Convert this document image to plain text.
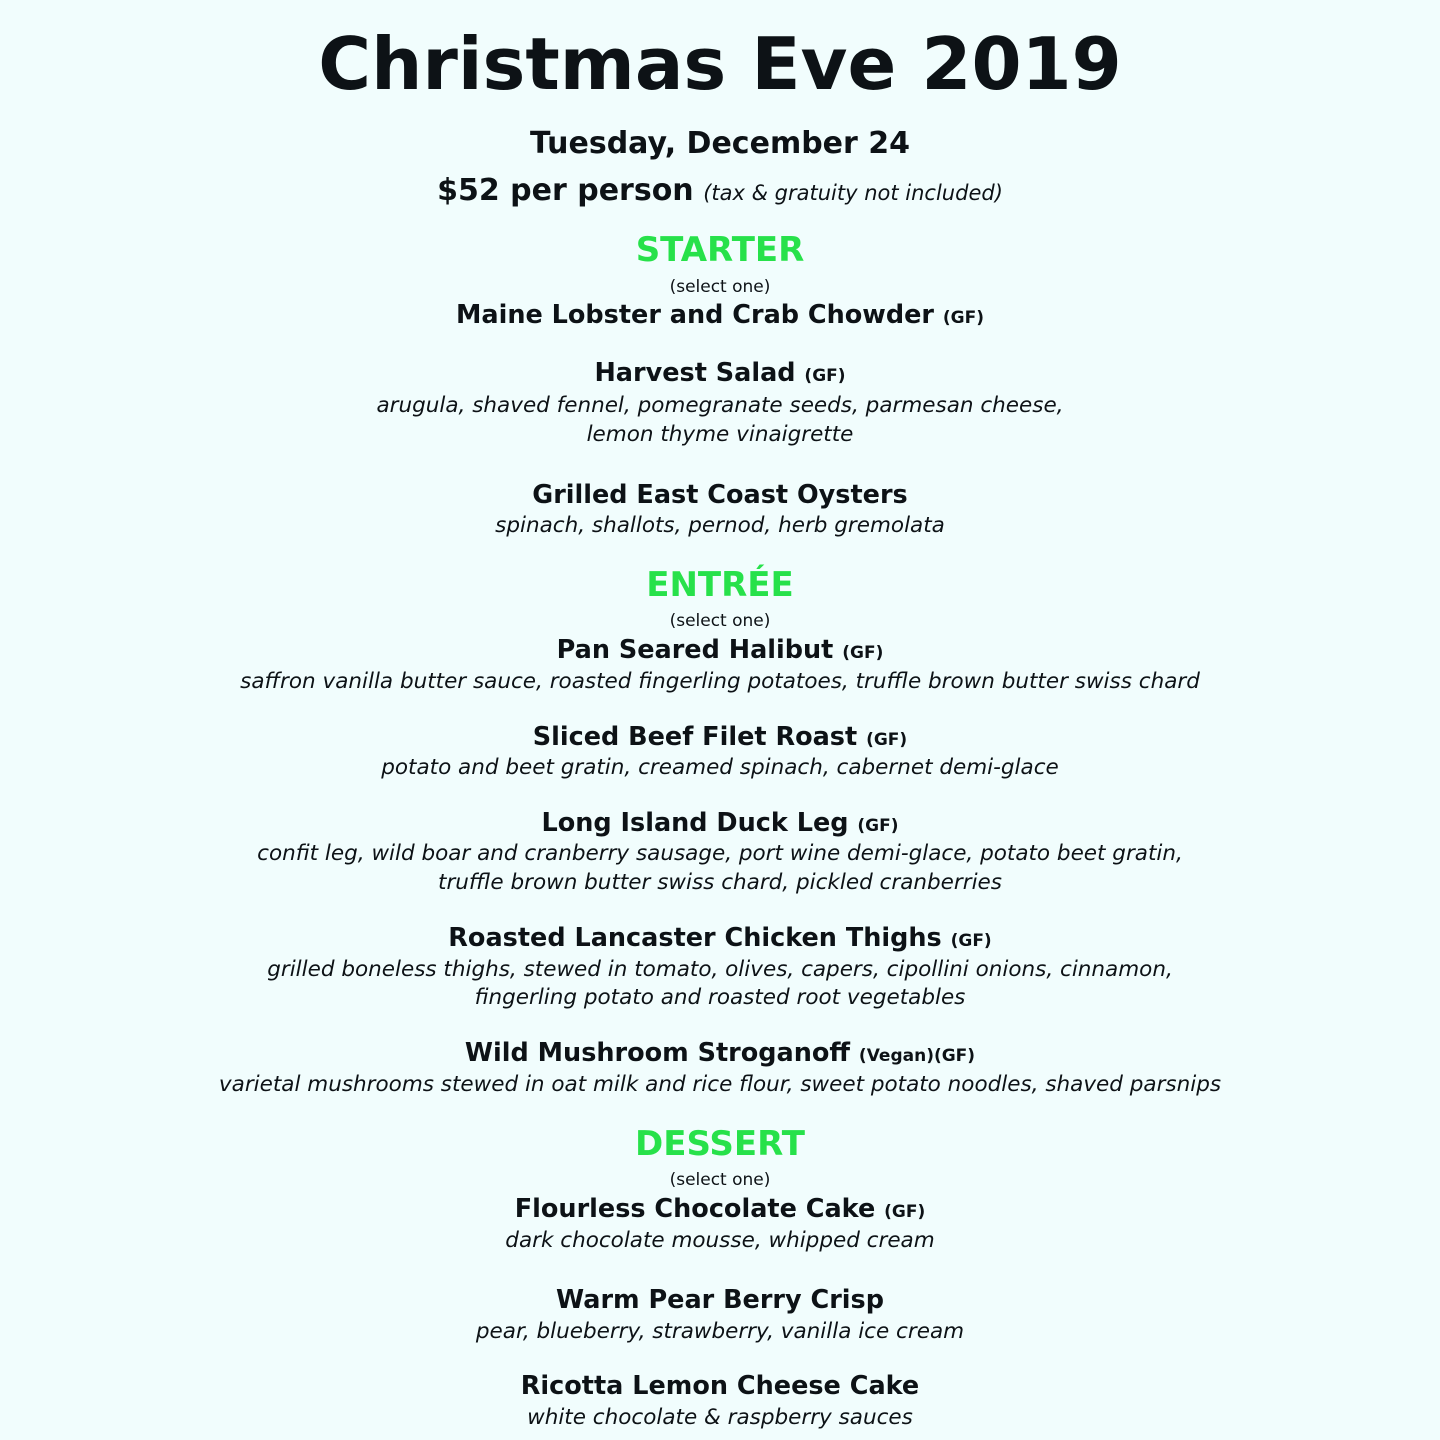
Christmas Eve 2019
Tuesday, December 24
$52 per person (tax & gratuity not included)
STARTER
(select one)
Maine Lobster and Crab Chowder (GF)
Harvest Salad (GF)
arugula, shaved fennel, pomegranate seeds, parmesan cheese,
lemon thyme vinaigrette
Grilled East Coast Oysters
spinach, shallots, pernod, herb gremolata
ENTRÉE
(select one)
Pan Seared Halibut (GF)
saffron vanilla butter sauce, roasted fingerling potatoes, truffle brown butter swiss chard
Sliced Beef Filet Roast (GF)
potato and beet gratin, creamed spinach, cabernet demi-glace
Long Island Duck Leg (GF)
confit leg, wild boar and cranberry sausage, port wine demi-glace, potato beet gratin,
truffle brown butter swiss chard, pickled cranberries
Roasted Lancaster Chicken Thighs (GF)
grilled boneless thighs, stewed in tomato, olives, capers, cipollini onions, cinnamon,
fingerling potato and roasted root vegetables
Wild Mushroom Stroganoff (Vegan)(GF)
varietal mushrooms stewed in oat milk and rice flour, sweet potato noodles, shaved parsnips
DESSERT
(select one)
Flourless Chocolate Cake (GF)
dark chocolate mousse, whipped cream
Warm Pear Berry Crisp
pear, blueberry, strawberry, vanilla ice cream
Ricotta Lemon Cheese Cake
white chocolate & raspberry sauces
